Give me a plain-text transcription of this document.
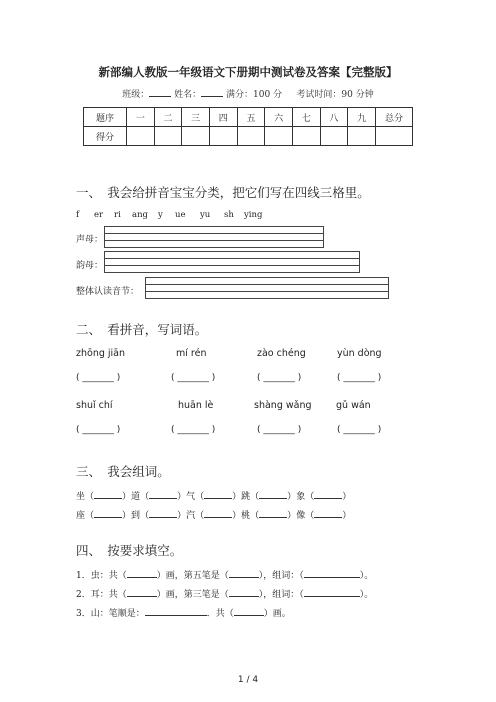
新部编人教版一年级语文下册期中测试卷及答案【完整版】
班级：	姓名：	满分：100 分 考试时间：90 分钟
题序	一	二	三	四	五	六	七	八	九	总分
得分										
一、　我会给拼音宝宝分类，把它们写在四线三格里。
f er ri ang y ue yu sh ying
声母：
韵母：
整体认读音节：
二、　看拼音，写词语。
zhōng jiān	mí rén	zào chéng	yùn dòng
( _______ )	( _______ )	( _______ )	( _______ )
shuǐ chí	huān lè	shàng wǎng	gǔ wán
( _______ )	( _______ )	( _______ )	( _______ )
三、　我会组词。
坐（	）道（	）气（	）跳（	）象（	）
座（	）到（	）汽（	）桃（	）像（	）
四、　按要求填空。
1．虫：共（	）画，第五笔是（	），组词：（	）。
2．耳：共（	）画，第三笔是（	），组词：（	）。
3．山：笔顺是：	．共（	）画。
1 / 4
